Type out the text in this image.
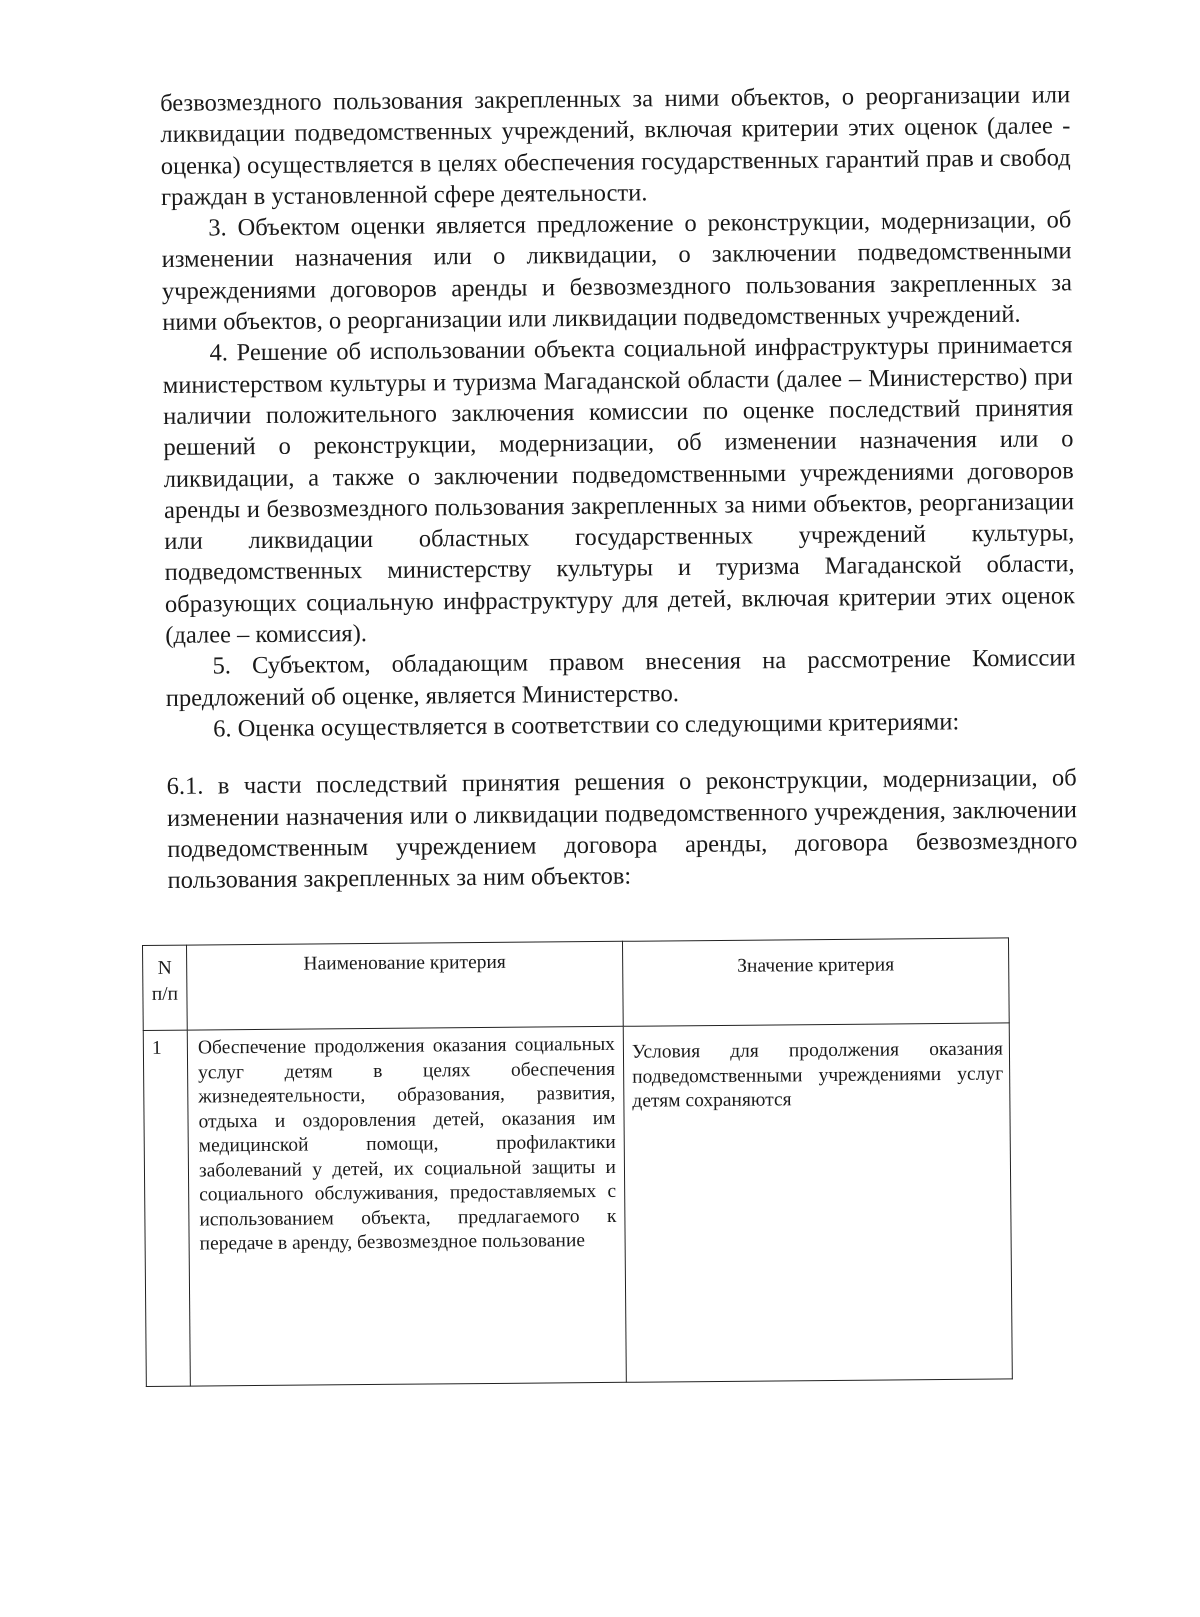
безвозмездного пользования закрепленных за ними объектов, о реорганизации или ликвидации подведомственных учреждений, включая критерии этих оценок (далее - оценка) осуществляется в целях обеспечения государственных гарантий прав и свобод граждан в установленной сфере деятельности.

3. Объектом оценки является предложение о реконструкции, модернизации, об изменении назначения или о ликвидации, о заключении подведомственными учреждениями договоров аренды и безвозмездного пользования закрепленных за ними объектов, о реорганизации или ликвидации подведомственных учреждений.

4. Решение об использовании объекта социальной инфраструктуры принимается министерством культуры и туризма Магаданской области (далее – Министерство) при наличии положительного заключения комиссии по оценке последствий принятия решений о реконструкции, модернизации, об изменении назначения или о ликвидации, а также о заключении подведомственными учреждениями договоров аренды и безвозмездного пользования закрепленных за ними объектов, реорганизации или ликвидации областных государственных учреждений культуры, подведомственных министерству культуры и туризма Магаданской области, образующих социальную инфраструктуру для детей, включая критерии этих оценок (далее – комиссия).

5. Субъектом, обладающим правом внесения на рассмотрение Комиссии предложений об оценке, является Министерство.

6. Оценка осуществляется в соответствии со следующими критериями:

6.1. в части последствий принятия решения о реконструкции, модернизации, об изменении назначения или о ликвидации подведомственного учреждения, заключении подведомственным учреждением договора аренды, договора безвозмездного пользования закрепленных за ним объектов:

N п/п	Наименование критерия	Значение критерия
1	Обеспечение продолжения оказания социальных услуг детям в целях обеспечения жизнедеятельности, образования, развития, отдыха и оздоровления детей, оказания им медицинской помощи, профилактики заболеваний у детей, их социальной защиты и социального обслуживания, предоставляемых с использованием объекта, предлагаемого к передаче в аренду, безвозмездное пользование	Условия для продолжения оказания подведомственными учреждениями услуг детям сохраняются
